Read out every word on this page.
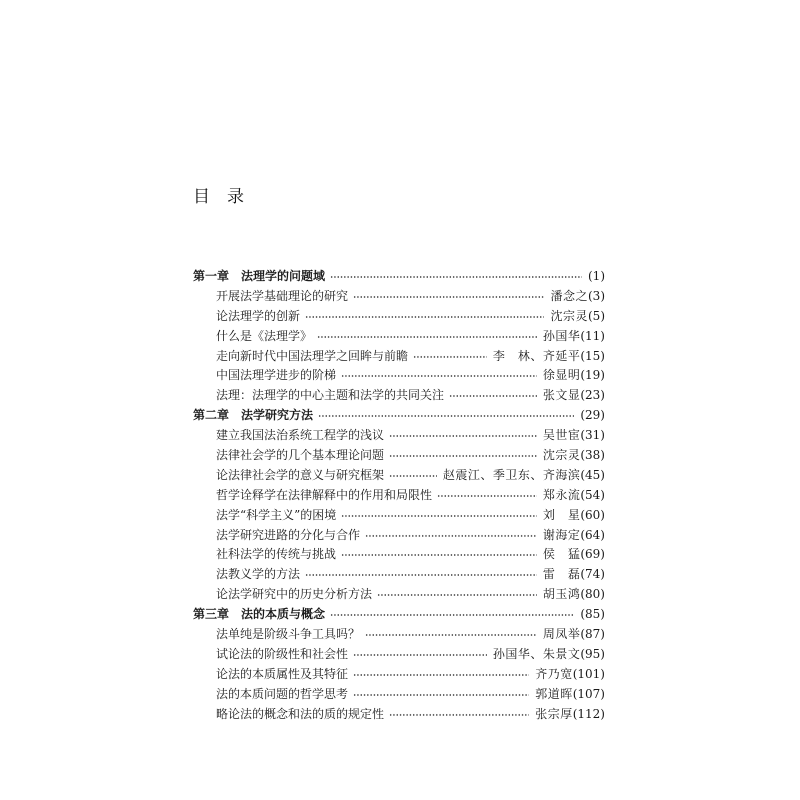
目　录
第一章　法理学的问题域	(1)
开展法学基础理论的研究	潘念之 (3)
论法理学的创新	沈宗灵 (5)
什么是《法理学》	孙国华 (11)
走向新时代中国法理学之回眸与前瞻	李　林、齐延平 (15)
中国法理学进步的阶梯	徐显明 (19)
法理：法理学的中心主题和法学的共同关注	张文显 (23)
第二章　法学研究方法	(29)
建立我国法治系统工程学的浅议	吴世宦 (31)
法律社会学的几个基本理论问题	沈宗灵 (38)
论法律社会学的意义与研究框架	赵震江、季卫东、齐海滨 (45)
哲学诠释学在法律解释中的作用和局限性	郑永流 (54)
法学“科学主义”的困境	刘　星 (60)
法学研究进路的分化与合作	谢海定 (64)
社科法学的传统与挑战	侯　猛 (69)
法教义学的方法	雷　磊 (74)
论法学研究中的历史分析方法	胡玉鸿 (80)
第三章　法的本质与概念	(85)
法单纯是阶级斗争工具吗？	周凤举 (87)
试论法的阶级性和社会性	孙国华、朱景文 (95)
论法的本质属性及其特征	齐乃宽 (101)
法的本质问题的哲学思考	郭道晖 (107)
略论法的概念和法的质的规定性	张宗厚 (112)
